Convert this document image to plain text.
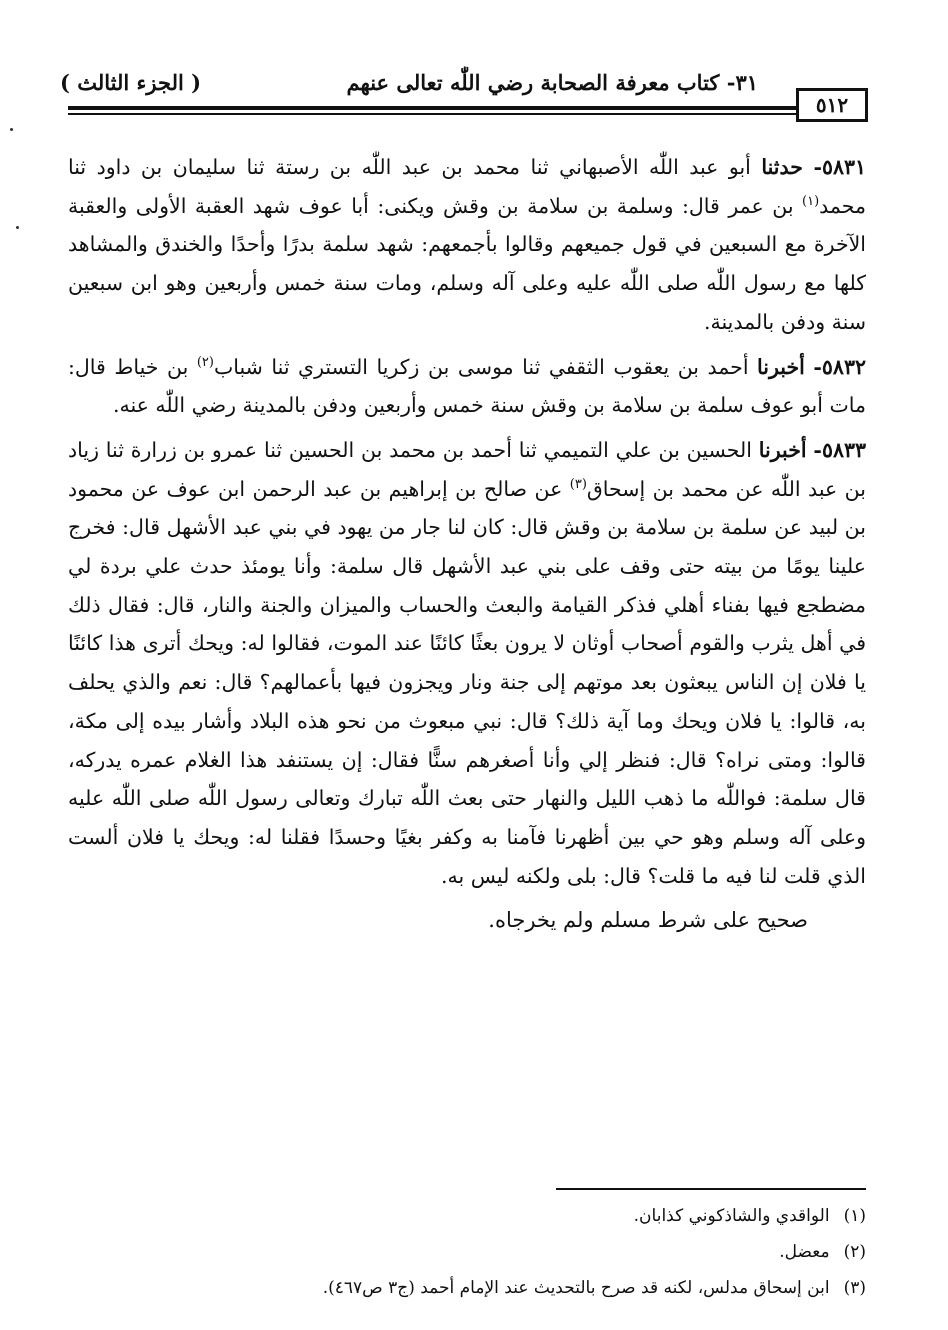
٣١- كتاب معرفة الصحابة رضي اللّٰه تعالى عنهم
( الجزء الثالث )
٥١٢

٥٨٣١- حدثنا أبو عبد اللّٰه الأصبهاني ثنا محمد بن عبد اللّٰه بن رستة ثنا سليمان بن داود ثنا محمد$^{(١)}$ بن عمر قال: وسلمة بن سلامة بن وقش ويكنى: أبا عوف شهد العقبة الأولى والعقبة الآخرة مع السبعين في قول جميعهم وقالوا بأجمعهم: شهد سلمة بدرًا وأحدًا والخندق والمشاهد كلها مع رسول اللّٰه صلى اللّٰه عليه وعلى آله وسلم، ومات سنة خمس وأربعين وهو ابن سبعين سنة ودفن بالمدينة.

٥٨٣٢- أخبرنا أحمد بن يعقوب الثقفي ثنا موسى بن زكريا التستري ثنا شباب$^{(٢)}$ بن خياط قال: مات أبو عوف سلمة بن سلامة بن وقش سنة خمس وأربعين ودفن بالمدينة رضي اللّٰه عنه.

٥٨٣٣- أخبرنا الحسين بن علي التميمي ثنا أحمد بن محمد بن الحسين ثنا عمرو بن زرارة ثنا زياد بن عبد اللّٰه عن محمد بن إسحاق$^{(٣)}$ عن صالح بن إبراهيم بن عبد الرحمن ابن عوف عن محمود بن لبيد عن سلمة بن سلامة بن وقش قال: كان لنا جار من يهود في بني عبد الأشهل قال: فخرج علينا يومًا من بيته حتى وقف على بني عبد الأشهل قال سلمة: وأنا يومئذ حدث علي بردة لي مضطجع فيها بفناء أهلي فذكر القيامة والبعث والحساب والميزان والجنة والنار، قال: فقال ذلك في أهل يثرب والقوم أصحاب أوثان لا يرون بعثًا كائنًا عند الموت، فقالوا له: ويحك أترى هذا كائنًا يا فلان إن الناس يبعثون بعد موتهم إلى جنة ونار ويجزون فيها بأعمالهم؟ قال: نعم والذي يحلف به، قالوا: يا فلان ويحك وما آية ذلك؟ قال: نبي مبعوث من نحو هذه البلاد وأشار بيده إلى مكة، قالوا: ومتى نراه؟ قال: فنظر إلي وأنا أصغرهم سنًّا فقال: إن يستنفد هذا الغلام عمره يدركه، قال سلمة: فواللّٰه ما ذهب الليل والنهار حتى بعث اللّٰه تبارك وتعالى رسول اللّٰه صلى اللّٰه عليه وعلى آله وسلم وهو حي بين أظهرنا فآمنا به وكفر بغيًا وحسدًا فقلنا له: ويحك يا فلان ألست الذي قلت لنا فيه ما قلت؟ قال: بلى ولكنه ليس به.

صحيح على شرط مسلم ولم يخرجاه.

(١)الواقدي والشاذكوني كذابان.
(٢)معضل.
(٣)ابن إسحاق مدلس، لكنه قد صرح بالتحديث عند الإمام أحمد (ج٣ ص٤٦٧).
